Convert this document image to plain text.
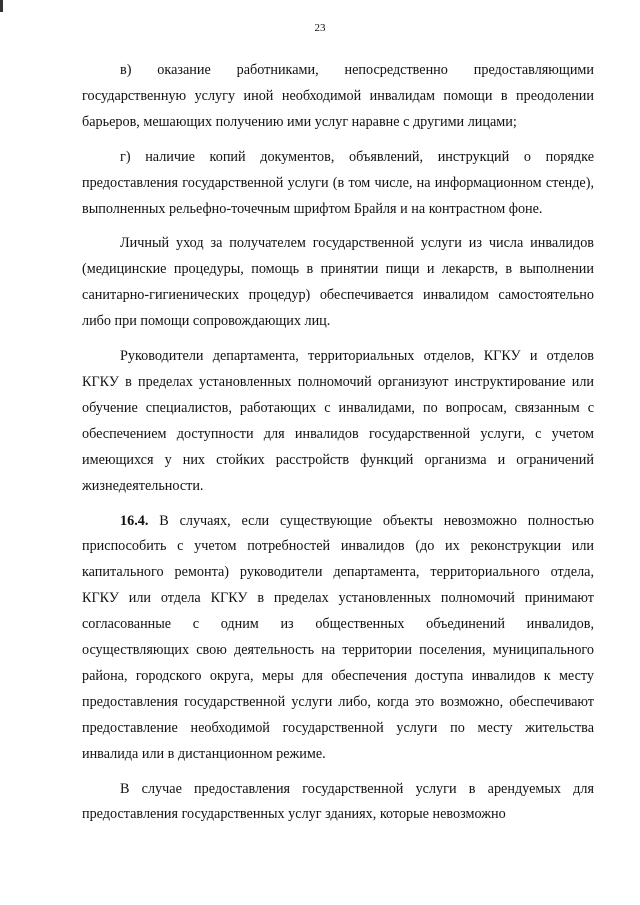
23

в) оказание работниками, непосредственно предоставляющими государственную услугу иной необходимой инвалидам помощи в преодолении барьеров, мешающих получению ими услуг наравне с другими лицами;

г) наличие копий документов, объявлений, инструкций о порядке предоставления государственной услуги (в том числе, на информационном стенде), выполненных рельефно-точечным шрифтом Брайля и на контрастном фоне.

Личный уход за получателем государственной услуги из числа инвалидов (медицинские процедуры, помощь в принятии пищи и лекарств, в выполнении санитарно-гигиенических процедур) обеспечивается инвалидом самостоятельно либо при помощи сопровождающих лиц.

Руководители департамента, территориальных отделов, КГКУ и отделов КГКУ в пределах установленных полномочий организуют инструктирование или обучение специалистов, работающих с инвалидами, по вопросам, связанным с обеспечением доступности для инвалидов государственной услуги, с учетом имеющихся у них стойких расстройств функций организма и ограничений жизнедеятельности.

16.4. В случаях, если существующие объекты невозможно полностью приспособить с учетом потребностей инвалидов (до их реконструкции или капитального ремонта) руководители департамента, территориального отдела, КГКУ или отдела КГКУ в пределах установленных полномочий принимают согласованные с одним из общественных объединений инвалидов, осуществляющих свою деятельность на территории поселения, муниципального района, городского округа, меры для обеспечения доступа инвалидов к месту предоставления государственной услуги либо, когда это возможно, обеспечивают предоставление необходимой государственной услуги по месту жительства инвалида или в дистанционном режиме.

В случае предоставления государственной услуги в арендуемых для предоставления государственных услуг зданиях, которые невозможно
